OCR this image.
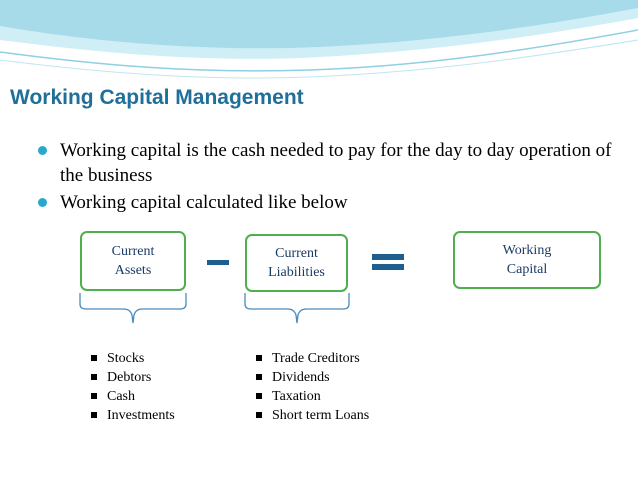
Working Capital Management
Working capital is the cash needed to pay for the day to day operation of the business
Working capital calculated like below
Current
Assets
Current
Liabilities
Working
Capital
Stocks
Debtors
Cash
Investments
Trade Creditors
Dividends
Taxation
Short term Loans
